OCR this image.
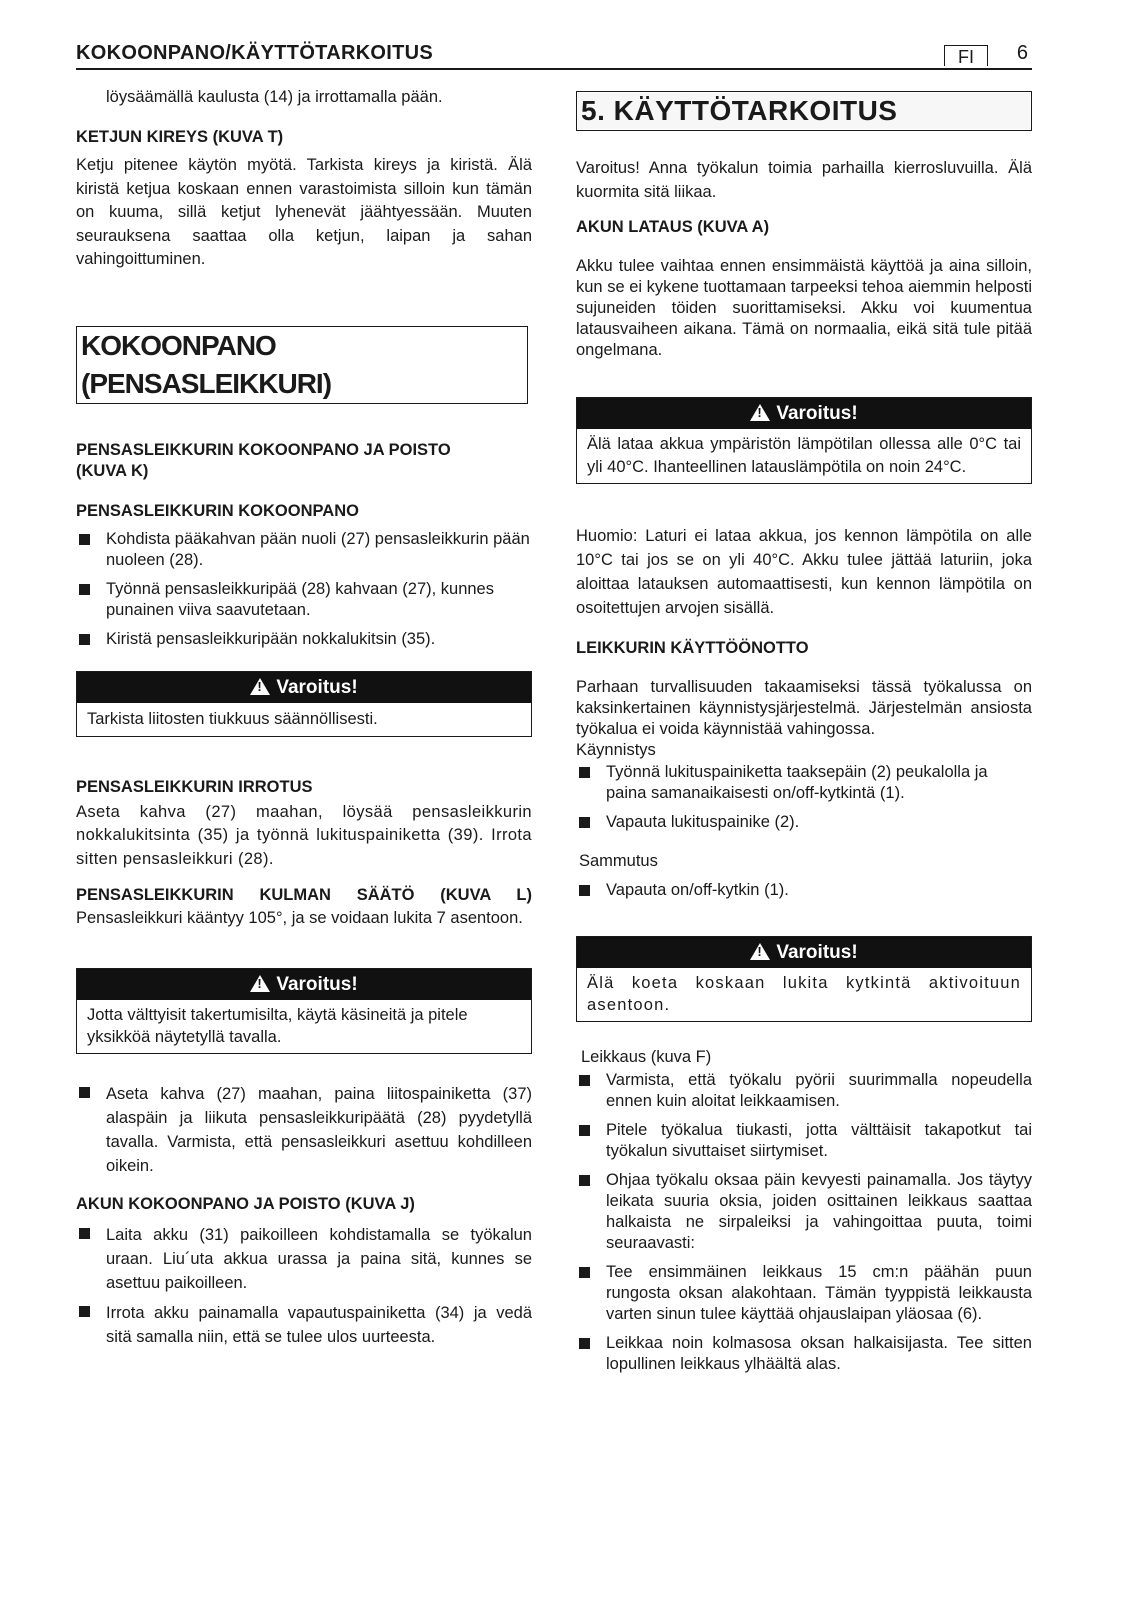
KOKOONPANO/KÄYTTÖTARKOITUS	FI	6

löysäämällä kaulusta (14) ja irrottamalla pään.

KETJUN KIREYS (KUVA T)

Ketju pitenee käytön myötä. Tarkista kireys ja kiristä. Älä kiristä ketjua koskaan ennen varastoimista silloin kun tämän on kuuma, sillä ketjut lyhenevät jäähtyessään. Muuten seurauksena saattaa olla ketjun, laipan ja sahan vahingoittuminen.

KOKOONPANO (PENSASLEIKKURI)
PENSASLEIKKURIN KOKOONPANO JA POISTO (KUVA K)
PENSASLEIKKURIN KOKOONPANO
Kohdista pääkahvan pään nuoli (27) pensasleikkurin pään nuoleen (28).
Työnnä pensasleikkuripää (28) kahvaan (27), kunnes punainen viiva saavutetaan.
Kiristä pensasleikkuripään nokkalukitsin (35).
!Varoitus!

Tarkista liitosten tiukkuus säännöllisesti.

PENSASLEIKKURIN IRROTUS

Aseta kahva (27) maahan, löysää pensasleikkurin nokkalukitsinta (35) ja työnnä lukituspainiketta (39). Irrota sitten pensasleikkuri (28).

PENSASLEIKKURIN KULMAN SÄÄTÖ (KUVA L)

Pensasleikkuri kääntyy 105°, ja se voidaan lukita 7 asentoon.

!Varoitus!

Jotta välttyisit takertumisilta, käytä käsineitä ja pitele yksikköä näytetyllä tavalla.

Aseta kahva (27) maahan, paina liitospainiketta (37) alaspäin ja liikuta pensasleikkuripäätä (28) pyydetyllä tavalla. Varmista, että pensasleikkuri asettuu kohdilleen oikein.
AKUN KOKOONPANO JA POISTO (KUVA J)
Laita akku (31) paikoilleen kohdistamalla se työkalun uraan. Liu´uta akkua urassa ja paina sitä, kunnes se asettuu paikoilleen.
Irrota akku painamalla vapautuspainiketta (34) ja vedä sitä samalla niin, että se tulee ulos uurteesta.
5. KÄYTTÖTARKOITUS

Varoitus! Anna työkalun toimia parhailla kierrosluvuilla. Älä kuormita sitä liikaa.

AKUN LATAUS (KUVA A)

Akku tulee vaihtaa ennen ensimmäistä käyttöä ja aina silloin, kun se ei kykene tuottamaan tarpeeksi tehoa aiemmin helposti sujuneiden töiden suorittamiseksi. Akku voi kuumentua latausvaiheen aikana. Tämä on normaalia, eikä sitä tule pitää ongelmana.

!Varoitus!

Älä lataa akkua ympäristön lämpötilan ollessa alle 0°C tai yli 40°C. Ihanteellinen latauslämpötila on noin 24°C.

Huomio: Laturi ei lataa akkua, jos kennon lämpötila on alle 10°C tai jos se on yli 40°C. Akku tulee jättää laturiin, joka aloittaa latauksen automaattisesti, kun kennon lämpötila on osoitettujen arvojen sisällä.

LEIKKURIN KÄYTTÖÖNOTTO

Parhaan turvallisuuden takaamiseksi tässä työkalussa on kaksinkertainen käynnistysjärjestelmä. Järjestelmän ansiosta työkalua ei voida käynnistää vahingossa.

Käynnistys

Työnnä lukituspainiketta taaksepäin (2) peukalolla ja paina samanaikaisesti on/off-kytkintä (1).
Vapauta lukituspainike (2).

Sammutus

Vapauta on/off-kytkin (1).
!Varoitus!

Älä koeta koskaan lukita kytkintä aktivoituun asentoon.

Leikkaus (kuva F)

Varmista, että työkalu pyörii suurimmalla nopeudella ennen kuin aloitat leikkaamisen.
Pitele työkalua tiukasti, jotta välttäisit takapotkut tai työkalun sivuttaiset siirtymiset.
Ohjaa työkalu oksaa päin kevyesti painamalla. Jos täytyy leikata suuria oksia, joiden osittainen leikkaus saattaa halkaista ne sirpaleiksi ja vahingoittaa puuta, toimi seuraavasti:
Tee ensimmäinen leikkaus 15 cm:n päähän puun rungosta oksan alakohtaan. Tämän tyyppistä leikkausta varten sinun tulee käyttää ohjauslaipan yläosaa (6).
Leikkaa noin kolmasosa oksan halkaisijasta. Tee sitten lopullinen leikkaus ylhäältä alas.
